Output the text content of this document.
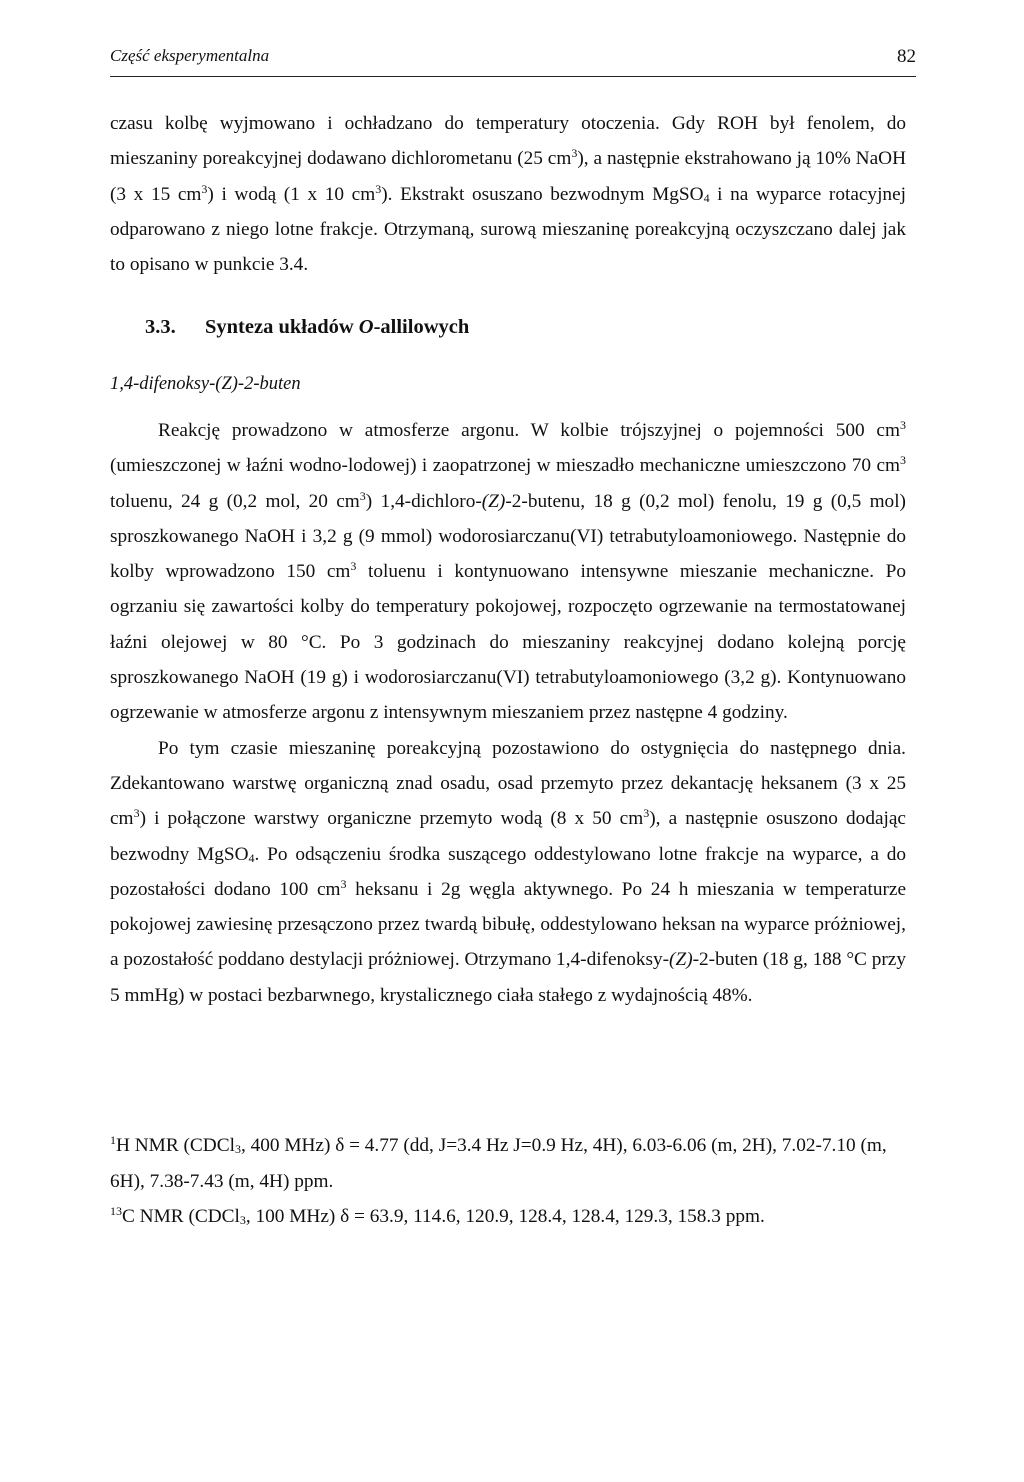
Część eksperymentalna	82

czasu kolbę wyjmowano i ochładzano do temperatury otoczenia. Gdy ROH był fenolem, do mieszaniny poreakcyjnej dodawano dichlorometanu (25 $cm^3$), a następnie ekstrahowano ją 10% NaOH (3 x 15 $cm^3$) i wodą (1 x 10 $cm^3$). Ekstrakt osuszano bezwodnym MgSO$_4$ i na wyparce rotacyjnej odparowano z niego lotne frakcje. Otrzymaną, surową mieszaninę poreakcyjną oczyszczano dalej jak to opisano w punkcie 3.4.

3.3. Synteza układów O-allilowych
1,4-difenoksy-(Z)-2-buten

Reakcję prowadzono w atmosferze argonu. W kolbie trójszyjnej o pojemności 500 $cm^3$ (umieszczonej w łaźni wodno-lodowej) i zaopatrzonej w mieszadło mechaniczne umieszczono 70 $cm^3$ toluenu, 24 g (0,2 mol, 20 $cm^3$) 1,4-dichloro-(Z)-2-butenu, 18 g (0,2 mol) fenolu, 19 g (0,5 mol) sproszkowanego NaOH i 3,2 g (9 mmol) wodorosiarczanu(VI) tetrabutyloamoniowego. Następnie do kolby wprowadzono 150 $cm^3$ toluenu i kontynuowano intensywne mieszanie mechaniczne. Po ogrzaniu się zawartości kolby do temperatury pokojowej, rozpoczęto ogrzewanie na termostatowanej łaźni olejowej w 80 °C. Po 3 godzinach do mieszaniny reakcyjnej dodano kolejną porcję sproszkowanego NaOH (19 g) i wodorosiarczanu(VI) tetrabutyloamoniowego (3,2 g). Kontynuowano ogrzewanie w atmosferze argonu z intensywnym mieszaniem przez następne 4 godziny.

Po tym czasie mieszaninę poreakcyjną pozostawiono do ostygnięcia do następnego dnia. Zdekantowano warstwę organiczną znad osadu, osad przemyto przez dekantację heksanem (3 x 25 $cm^3$) i połączone warstwy organiczne przemyto wodą (8 x 50 $cm^3$), a następnie osuszono dodając bezwodny MgSO$_4$. Po odsączeniu środka suszącego oddestylowano lotne frakcje na wyparce, a do pozostałości dodano 100 $cm^3$ heksanu i 2g węgla aktywnego. Po 24 h mieszania w temperaturze pokojowej zawiesinę przesączono przez twardą bibułę, oddestylowano heksan na wyparce próżniowej, a pozostałość poddano destylacji próżniowej. Otrzymano 1,4-difenoksy-(Z)-2-buten (18 g, 188 °C przy 5 mmHg) w postaci bezbarwnego, krystalicznego ciała stałego z wydajnością 48%.

$^1$H NMR (CDCl$_3$, 400 MHz) δ = 4.77 (dd, J=3.4 Hz J=0.9 Hz, 4H), 6.03-6.06 (m, 2H), 7.02-7.10 (m, 6H), 7.38-7.43 (m, 4H) ppm.

$^{13}$C NMR (CDCl$_3$, 100 MHz) δ = 63.9, 114.6, 120.9, 128.4, 128.4, 129.3, 158.3 ppm.
